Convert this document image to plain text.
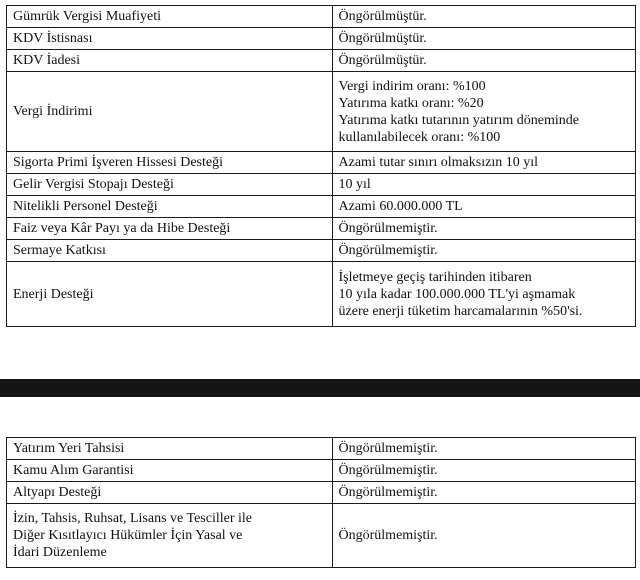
Gümrük Vergisi Muafiyeti	Öngörülmüştür.
KDV İstisnası	Öngörülmüştür.
KDV İadesi	Öngörülmüştür.
Vergi İndirimi	Vergi indirim oranı: %100
Yatırıma katkı oranı: %20
Yatırıma katkı tutarının yatırım döneminde
kullanılabilecek oranı: %100

Sigorta Primi İşveren Hissesi Desteği	Azami tutar sınırı olmaksızın 10 yıl
Gelir Vergisi Stopajı Desteği	10 yıl
Nitelikli Personel Desteği	Azami 60.000.000 TL
Faiz veya Kâr Payı ya da Hibe Desteği	Öngörülmemiştir.
Sermaye Katkısı	Öngörülmemiştir.
Enerji Desteği	İşletmeye geçiş tarihinden itibaren
10 yıla kadar 100.000.000 TL'yi aşmamak
üzere enerji tüketim harcamalarının %50'si.
Yatırım Yeri Tahsisi	Öngörülmemiştir.
Kamu Alım Garantisi	Öngörülmemiştir.
Altyapı Desteği	Öngörülmemiştir.

İzin, Tahsis, Ruhsat, Lisans ve Tesciller ile
Diğer Kısıtlayıcı Hükümler İçin Yasal ve
İdari Düzenleme	Öngörülmemiştir.
